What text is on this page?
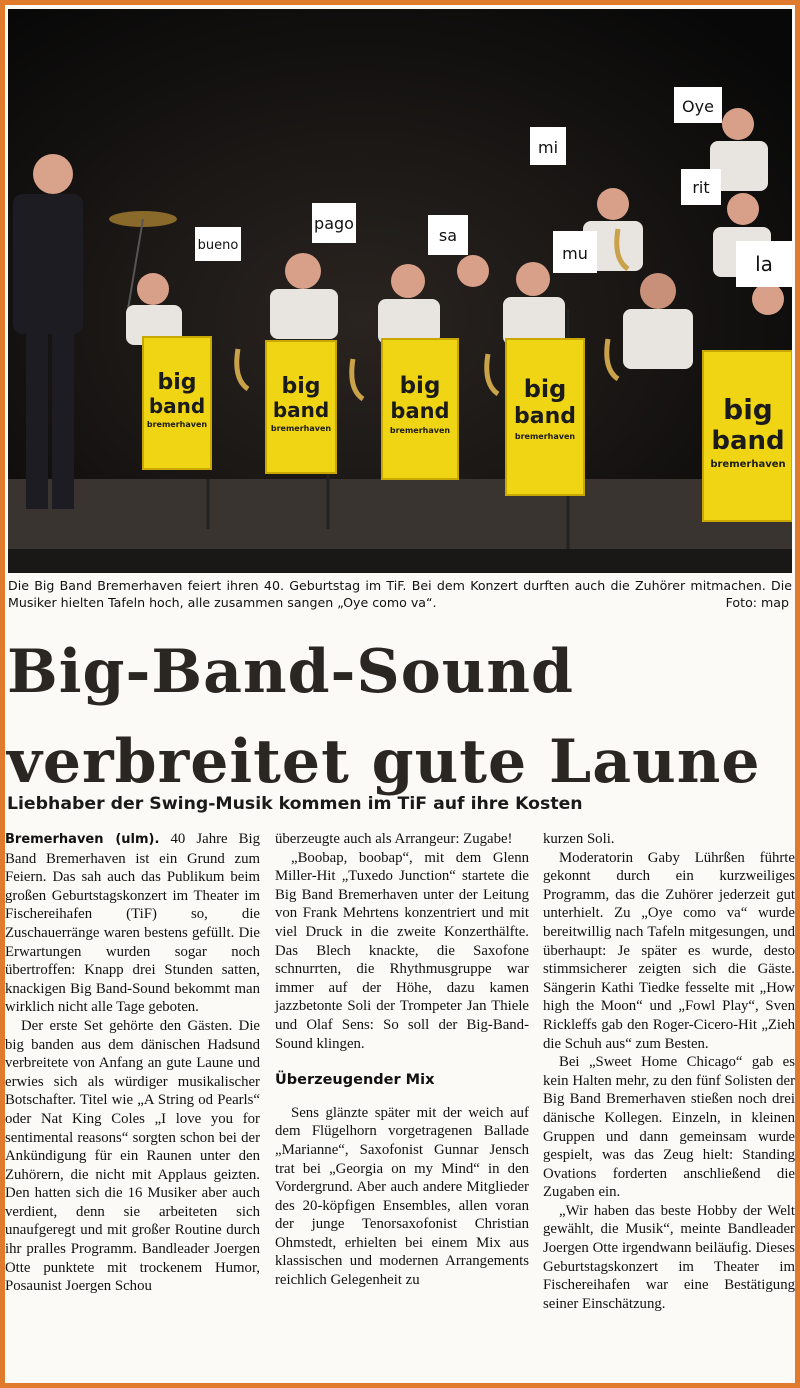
Oye
mi
rit
bueno
pago
sa
mu	la
big
band
bremerhaven
big
band
bremerhaven
big
band
bremerhaven
big
band
bremerhaven
big
band
bremerhaven
Die Big Band Bremerhaven feiert ihren 40. Geburtstag im TiF. Bei dem Konzert durften auch die Zuhörer mitmachen. Die Musiker hielten Tafeln hoch, alle zusammen sangen „Oye como va“.	Foto: map
Big-Band-Sound
verbreitet gute Laune
Liebhaber der Swing-Musik kommen im TiF auf ihre Kosten

Bremerhaven (ulm). 40 Jahre Big Band Bremerhaven ist ein Grund zum Feiern. Das sah auch das Publikum beim großen Geburtstagskonzert im Theater im Fischereihafen (TiF) so, die Zuschauerränge waren bestens gefüllt. Die Erwartungen wurden sogar noch übertroffen: Knapp drei Stunden satten, knackigen Big Band-Sound bekommt man wirklich nicht alle Tage geboten.

Der erste Set gehörte den Gästen. Die big banden aus dem dänischen Hadsund verbreitete von Anfang an gute Laune und erwies sich als würdiger musikalischer Botschafter. Titel wie „A String od Pearls“ oder Nat King Coles „I love you for sentimental reasons“ sorgten schon bei der Ankündigung für ein Raunen unter den Zuhörern, die nicht mit Applaus geizten. Den hatten sich die 16 Musiker aber auch verdient, denn sie arbeiteten sich unaufgeregt und mit großer Routine durch ihr pralles Programm. Bandleader Joergen Otte punktete mit trockenem Humor, Posaunist Joergen Schou

überzeugte auch als Arrangeur: Zugabe!

„Boobap, boobap“, mit dem Glenn Miller-Hit „Tuxedo Junction“ startete die Big Band Bremerhaven unter der Leitung von Frank Mehrtens konzentriert und mit viel Druck in die zweite Konzerthälfte. Das Blech knackte, die Saxofone schnurrten, die Rhythmusgruppe war immer auf der Höhe, dazu kamen jazzbetonte Soli der Trompeter Jan Thiele und Olaf Sens: So soll der Big-Band-Sound klingen.

Überzeugender Mix

Sens glänzte später mit der weich auf dem Flügelhorn vorgetragenen Ballade „Marianne“, Saxofonist Gunnar Jensch trat bei „Georgia on my Mind“ in den Vordergrund. Aber auch andere Mitglieder des 20-köpfigen Ensembles, allen voran der junge Tenorsaxofonist Christian Ohmstedt, erhielten bei einem Mix aus klassischen und modernen Arrangements reichlich Gelegenheit zu

kurzen Soli.

Moderatorin Gaby Lührßen führte gekonnt durch ein kurzweiliges Programm, das die Zuhörer jederzeit gut unterhielt. Zu „Oye como va“ wurde bereitwillig nach Tafeln mitgesungen, und überhaupt: Je später es wurde, desto stimmsicherer zeigten sich die Gäste. Sängerin Kathi Tiedke fesselte mit „How high the Moon“ und „Fowl Play“, Sven Rickleffs gab den Roger-Cicero-Hit „Zieh die Schuh aus“ zum Besten.

Bei „Sweet Home Chicago“ gab es kein Halten mehr, zu den fünf Solisten der Big Band Bremerhaven stießen noch drei dänische Kollegen. Einzeln, in kleinen Gruppen und dann gemeinsam wurde gespielt, was das Zeug hielt: Standing Ovations forderten anschließend die Zugaben ein.

„Wir haben das beste Hobby der Welt gewählt, die Musik“, meinte Bandleader Joergen Otte irgendwann beiläufig. Dieses Geburtstagskonzert im Theater im Fischereihafen war eine Bestätigung seiner Einschätzung.
